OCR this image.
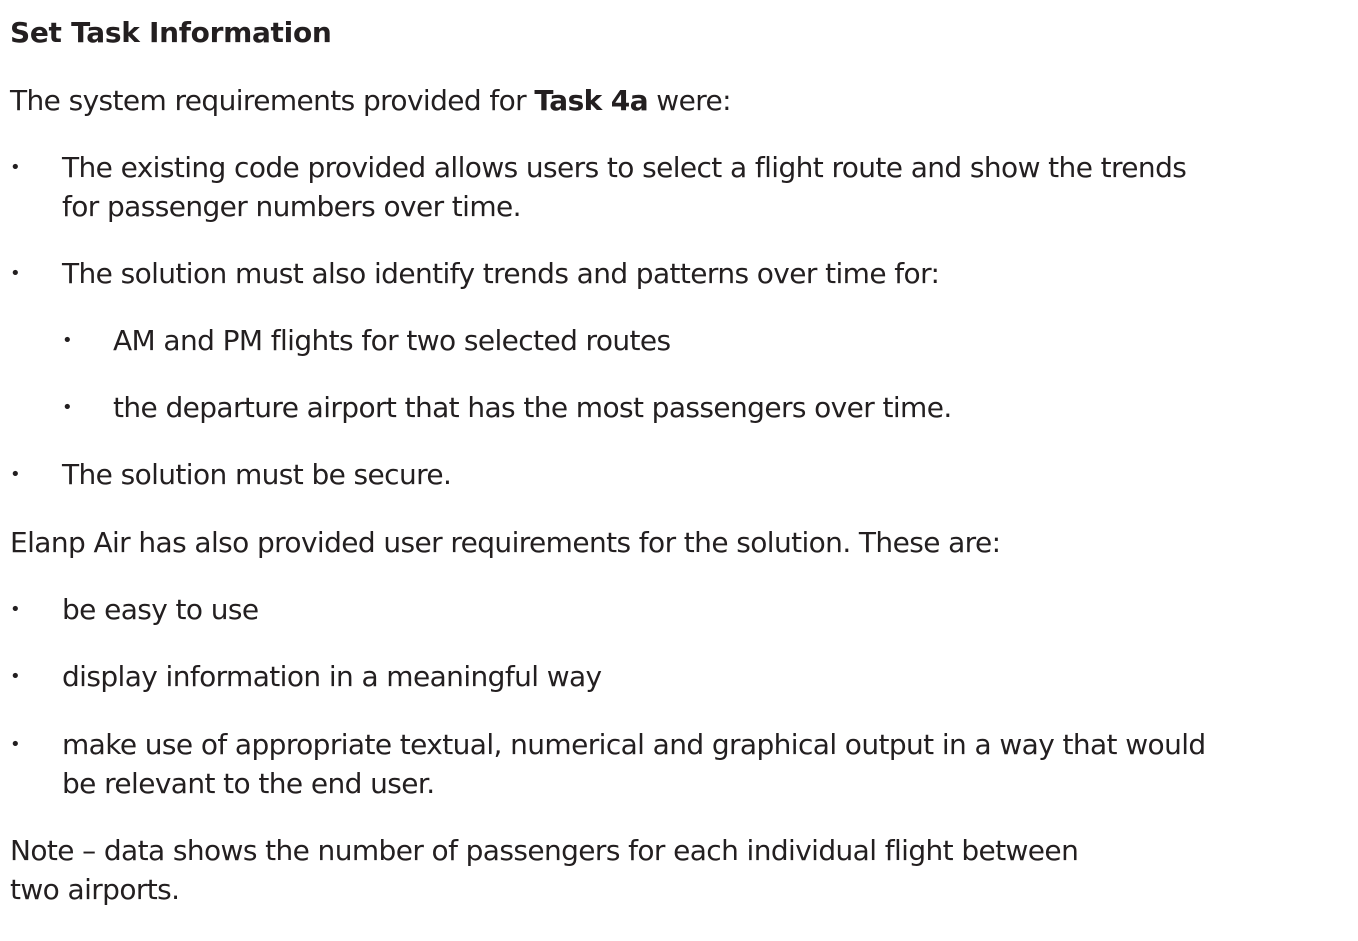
Set Task Information

The system requirements provided for Task 4a were:

• The existing code provided allows users to select a flight route and show the trends
for passenger numbers over time.
• The solution must also identify trends and patterns over time for:
• AM and PM flights for two selected routes
• the departure airport that has the most passengers over time.
• The solution must be secure.

Elanp Air has also provided user requirements for the solution. These are:

• be easy to use
• display information in a meaningful way
• make use of appropriate textual, numerical and graphical output in a way that would
be relevant to the end user.

Note – data shows the number of passengers for each individual flight between
two airports.
